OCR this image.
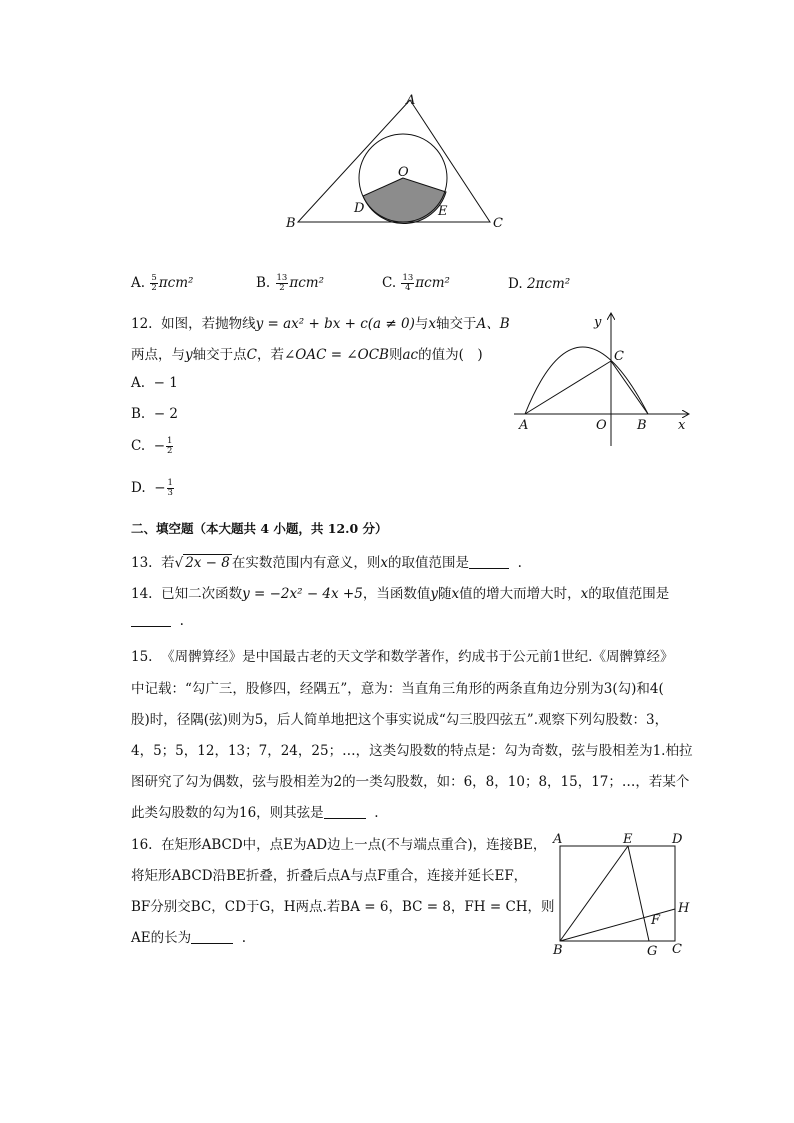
A
B	C
O
D	E
A. $\frac{5}{2} \pi cm^2$	B. $\frac{13}{2} \pi cm^2$	C. $\frac{13}{4} \pi cm^2$	D. 2πcm²
12. 如图，若抛物线y = ax² + bx + c(a ≠ 0)与x轴交于A、B
两点，与y轴交于点C，若∠OAC = ∠OCB则ac的值为(　)
A. − 1
B. − 2
C. − $\frac{1}{2}$
D. − $\frac{1}{3}$
y
x
C
A	O B
二、填空题（本大题共 4 小题，共 12.0 分）
13. 若√ 2x − 8 在实数范围内有意义，则x的取值范围是	.
14. 已知二次函数y = −2x² − 4x +5，当函数值y随x值的增大而增大时，x的取值范围是
.
15. 《周髀算经》是中国最古老的天文学和数学著作，约成书于公元前1世纪.《周髀算经》
中记载：“勾广三，股修四，经隅五”，意为：当直角三角形的两条直角边分别为3(勾)和4(
股)时，径隅(弦)则为5，后人简单地把这个事实说成“勾三股四弦五”.观察下列勾股数：3，
4，5；5，12，13；7，24，25；…，这类勾股数的特点是：勾为奇数，弦与股相差为1.柏拉
图研究了勾为偶数，弦与股相差为2的一类勾股数，如：6，8，10；8，15，17；…，若某个
此类勾股数的勾为16，则其弦是	.
16. 在矩形ABCD中，点E为AD边上一点(不与端点重合)，连接BE，
将矩形ABCD沿BE折叠，折叠后点A与点F重合，连接并延长EF，
BF分别交BC，CD于G，H两点.若BA = 6，BC = 8，FH = CH，则
AE的长为	.
A	E	D
H
F
B	G C
